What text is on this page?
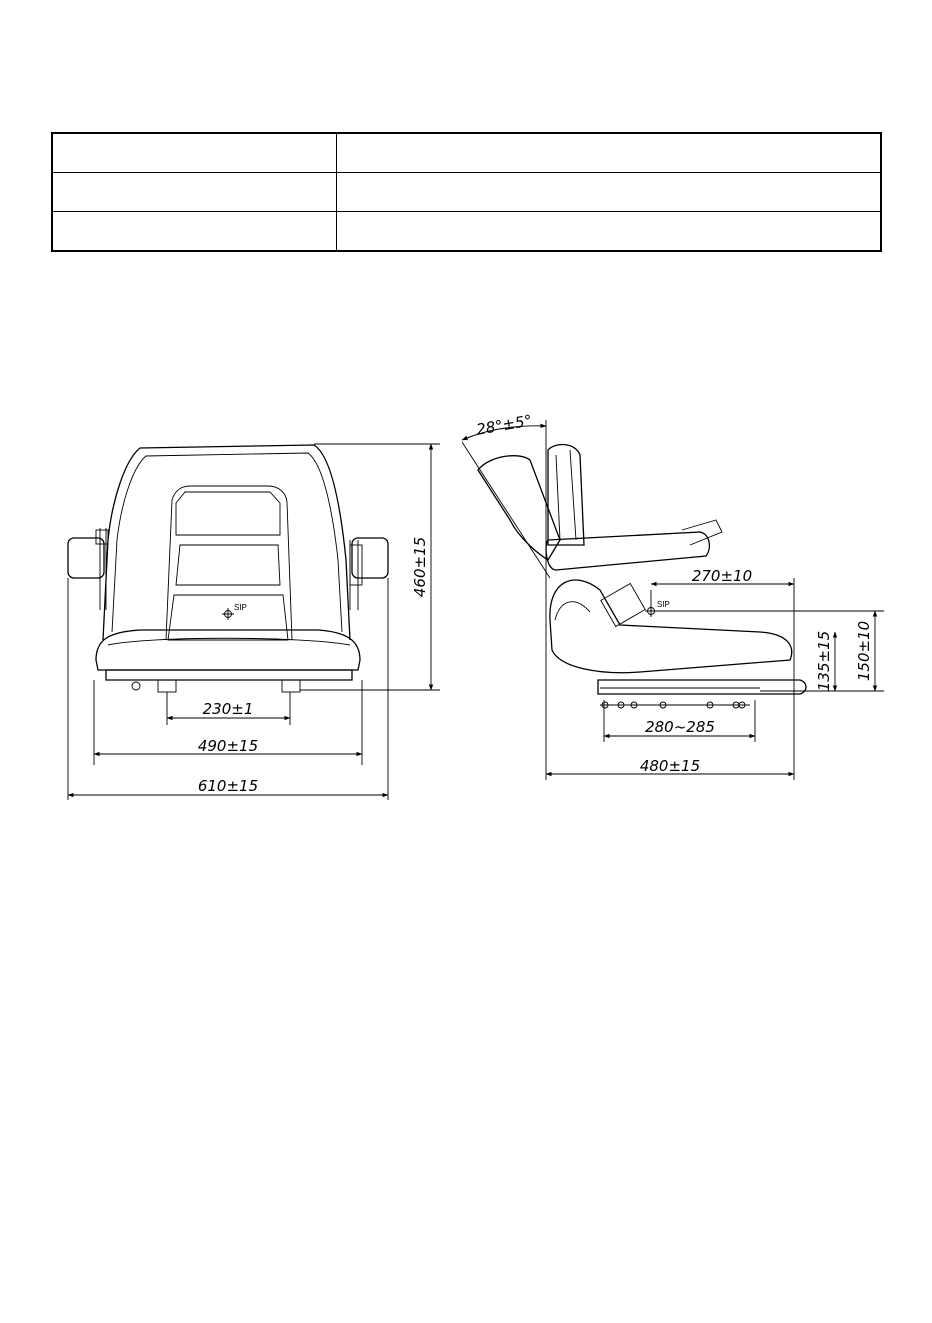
SIP
460±15
230±1
490±15
610±15
SIP
28°±5°
270±10
280~285
480±15
135±15 150±10
